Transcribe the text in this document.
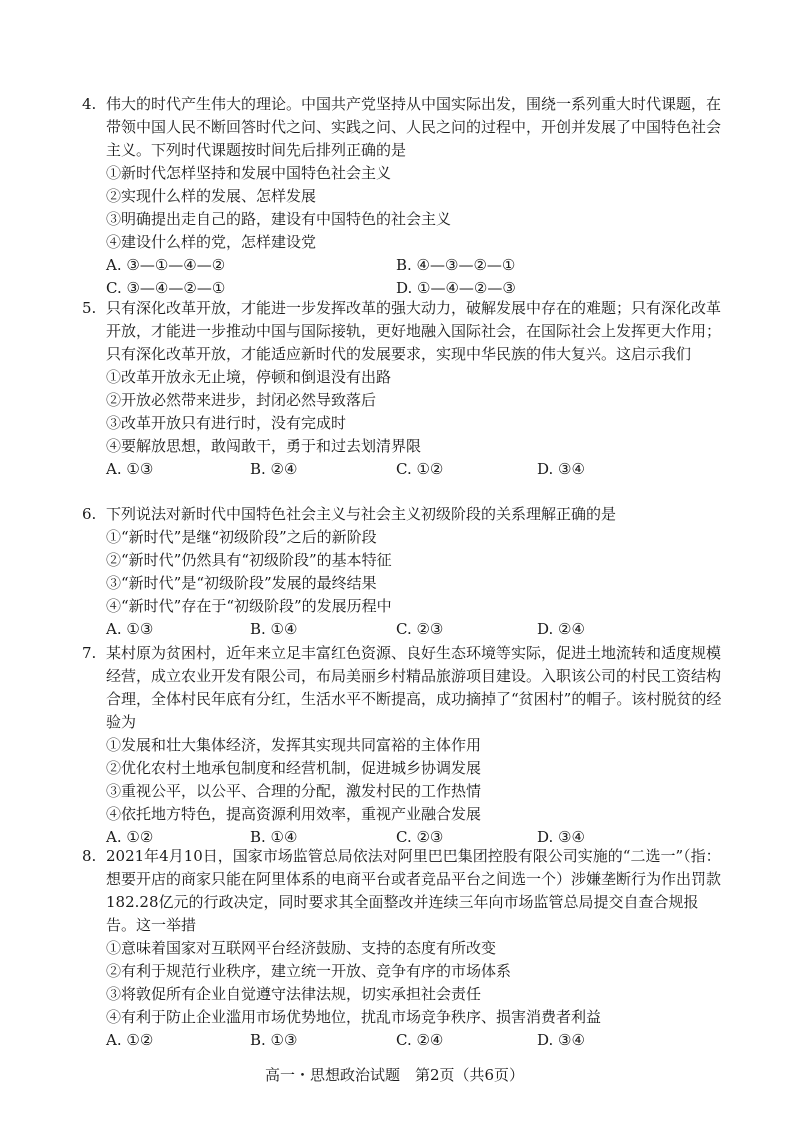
4. 伟大的时代产生伟大的理论。中国共产党坚持从中国实际出发，围绕一系列重大时代课题，在带领中国人民不断回答时代之问、实践之问、人民之问的过程中，开创并发展了中国特色社会主义。下列时代课题按时间先后排列正确的是
①新时代怎样坚持和发展中国特色社会主义
②实现什么样的发展、怎样发展
③明确提出走自己的路，建设有中国特色的社会主义
④建设什么样的党，怎样建设党
A. ③—①—④—②	B. ④—③—②—①
C. ③—④—②—①	D. ①—④—②—③
5. 只有深化改革开放，才能进一步发挥改革的强大动力，破解发展中存在的难题；只有深化改革开放，才能进一步推动中国与国际接轨，更好地融入国际社会，在国际社会上发挥更大作用；只有深化改革开放，才能适应新时代的发展要求，实现中华民族的伟大复兴。这启示我们
①改革开放永无止境，停顿和倒退没有出路
②开放必然带来进步，封闭必然导致落后
③改革开放只有进行时，没有完成时
④要解放思想，敢闯敢干，勇于和过去划清界限
A. ①③	B. ②④	C. ①②	D. ③④
6. 下列说法对新时代中国特色社会主义与社会主义初级阶段的关系理解正确的是
①“新时代”是继“初级阶段”之后的新阶段
②“新时代”仍然具有“初级阶段”的基本特征
③“新时代”是“初级阶段”发展的最终结果
④“新时代”存在于“初级阶段”的发展历程中
A. ①③	B. ①④	C. ②③	D. ②④
7. 某村原为贫困村，近年来立足丰富红色资源、良好生态环境等实际，促进土地流转和适度规模经营，成立农业开发有限公司，布局美丽乡村精品旅游项目建设。入职该公司的村民工资结构合理，全体村民年底有分红，生活水平不断提高，成功摘掉了“贫困村”的帽子。该村脱贫的经验为
①发展和壮大集体经济，发挥其实现共同富裕的主体作用
②优化农村土地承包制度和经营机制，促进城乡协调发展
③重视公平，以公平、合理的分配，激发村民的工作热情
④依托地方特色，提高资源利用效率，重视产业融合发展
A. ①②	B. ①④	C. ②③	D. ③④
8. 2021年4月10日，国家市场监管总局依法对阿里巴巴集团控股有限公司实施的“二选一”（指：想要开店的商家只能在阿里体系的电商平台或者竞品平台之间选一个）涉嫌垄断行为作出罚款182.28亿元的行政决定，同时要求其全面整改并连续三年向市场监管总局提交自查合规报告。这一举措
①意味着国家对互联网平台经济鼓励、支持的态度有所改变
②有利于规范行业秩序，建立统一开放、竞争有序的市场体系
③将敦促所有企业自觉遵守法律法规，切实承担社会责任
④有利于防止企业滥用市场优势地位，扰乱市场竞争秩序、损害消费者利益
A. ①②	B. ①③	C. ②④	D. ③④
高一・思想政治试题　第2页（共6页）
